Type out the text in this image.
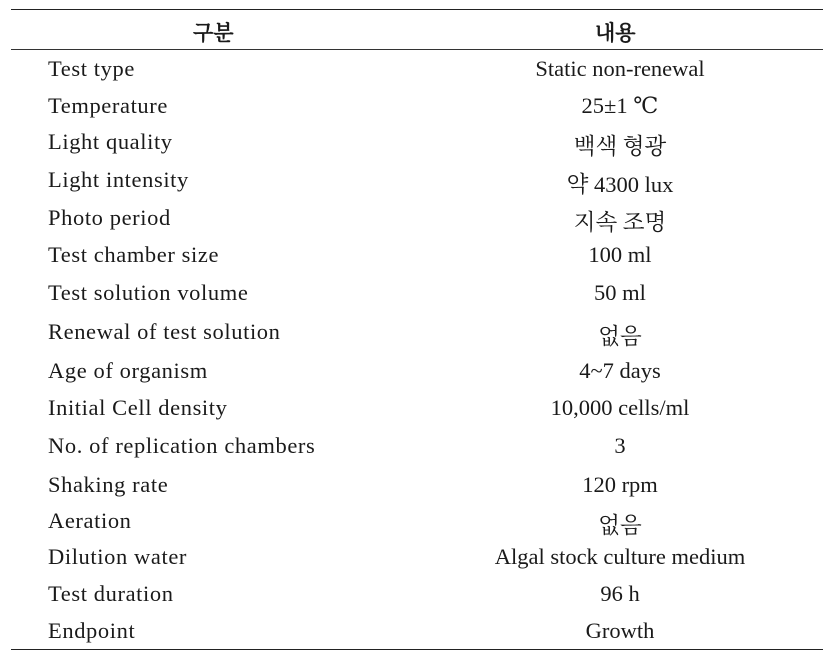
구분	내용
Test type	Static non-renewal
Temperature	25±1 ℃
Light quality	백색 형광
Light intensity	약 4300 lux
Photo period	지속 조명
Test chamber size	100 ml
Test solution volume	50 ml
Renewal of test solution	없음
Age of organism	4~7 days
Initial Cell density	10,000 cells/ml
No. of replication chambers	3
Shaking rate	120 rpm
Aeration	없음
Dilution water	Algal stock culture medium
Test duration	96 h
Endpoint	Growth
